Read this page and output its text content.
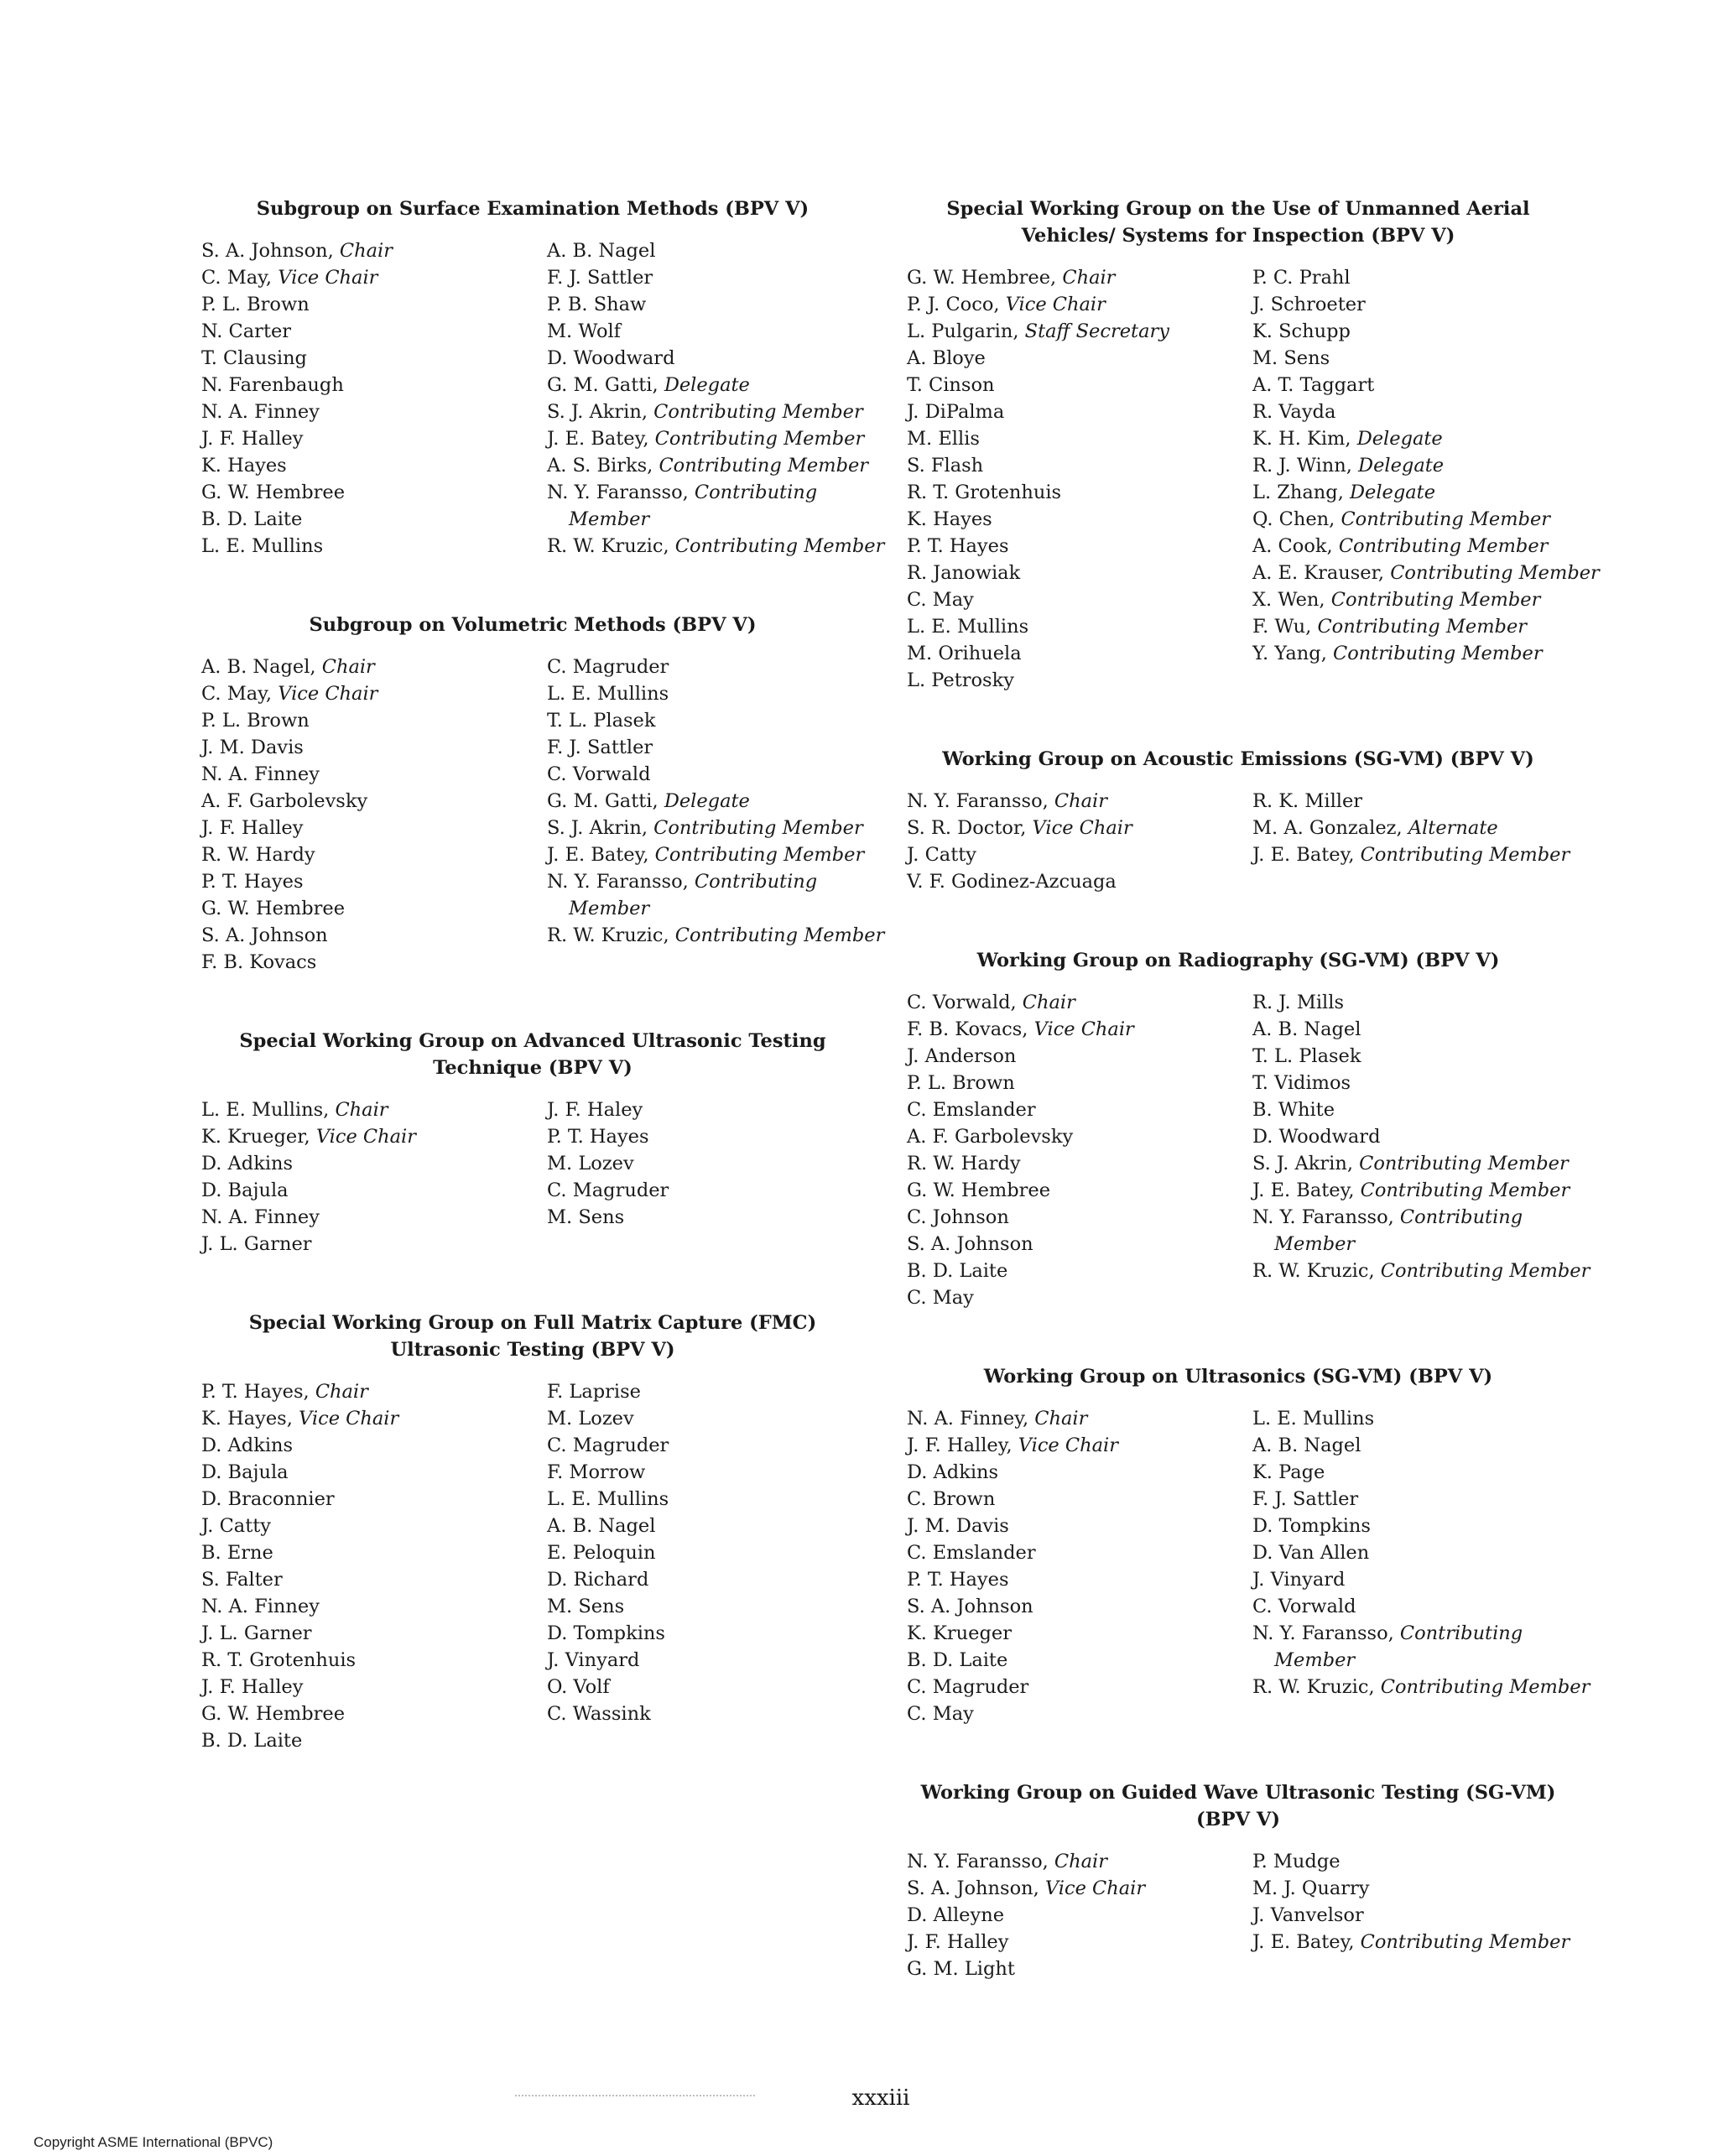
Subgroup on Surface Examination Methods (BPV V)
S. A. Johnson, Chair
C. May, Vice Chair
P. L. Brown
N. Carter
T. Clausing
N. Farenbaugh
N. A. Finney
J. F. Halley
K. Hayes
G. W. Hembree
B. D. Laite
L. E. Mullins
A. B. Nagel
F. J. Sattler
P. B. Shaw
M. Wolf
D. Woodward
G. M. Gatti, Delegate
S. J. Akrin, Contributing Member
J. E. Batey, Contributing Member
A. S. Birks, Contributing Member
N. Y. Faransso, Contributing Member
R. W. Kruzic, Contributing Member
Subgroup on Volumetric Methods (BPV V)
A. B. Nagel, Chair
C. May, Vice Chair
P. L. Brown
J. M. Davis
N. A. Finney
A. F. Garbolevsky
J. F. Halley
R. W. Hardy
P. T. Hayes
G. W. Hembree
S. A. Johnson
F. B. Kovacs
C. Magruder
L. E. Mullins
T. L. Plasek
F. J. Sattler
C. Vorwald
G. M. Gatti, Delegate
S. J. Akrin, Contributing Member
J. E. Batey, Contributing Member
N. Y. Faransso, Contributing Member
R. W. Kruzic, Contributing Member
Special Working Group on Advanced Ultrasonic Testing Technique (BPV V)
L. E. Mullins, Chair
K. Krueger, Vice Chair
D. Adkins
D. Bajula
N. A. Finney
J. L. Garner
J. F. Haley
P. T. Hayes
M. Lozev
C. Magruder
M. Sens
Special Working Group on Full Matrix Capture (FMC) Ultrasonic Testing (BPV V)
P. T. Hayes, Chair
K. Hayes, Vice Chair
D. Adkins
D. Bajula
D. Braconnier
J. Catty
B. Erne
S. Falter
N. A. Finney
J. L. Garner
R. T. Grotenhuis
J. F. Halley
G. W. Hembree
B. D. Laite
F. Laprise
M. Lozev
C. Magruder
F. Morrow
L. E. Mullins
A. B. Nagel
E. Peloquin
D. Richard
M. Sens
D. Tompkins
J. Vinyard
O. Volf
C. Wassink
Special Working Group on the Use of Unmanned Aerial Vehicles/ Systems for Inspection (BPV V)
G. W. Hembree, Chair
P. J. Coco, Vice Chair
L. Pulgarin, Staff Secretary
A. Bloye
T. Cinson
J. DiPalma
M. Ellis
S. Flash
R. T. Grotenhuis
K. Hayes
P. T. Hayes
R. Janowiak
C. May
L. E. Mullins
M. Orihuela
L. Petrosky
P. C. Prahl
J. Schroeter
K. Schupp
M. Sens
A. T. Taggart
R. Vayda
K. H. Kim, Delegate
R. J. Winn, Delegate
L. Zhang, Delegate
Q. Chen, Contributing Member
A. Cook, Contributing Member
A. E. Krauser, Contributing Member
X. Wen, Contributing Member
F. Wu, Contributing Member
Y. Yang, Contributing Member
Working Group on Acoustic Emissions (SG-VM) (BPV V)
N. Y. Faransso, Chair
S. R. Doctor, Vice Chair
J. Catty
V. F. Godinez-Azcuaga
R. K. Miller
M. A. Gonzalez, Alternate
J. E. Batey, Contributing Member
Working Group on Radiography (SG-VM) (BPV V)
C. Vorwald, Chair
F. B. Kovacs, Vice Chair
J. Anderson
P. L. Brown
C. Emslander
A. F. Garbolevsky
R. W. Hardy
G. W. Hembree
C. Johnson
S. A. Johnson
B. D. Laite
C. May
R. J. Mills
A. B. Nagel
T. L. Plasek
T. Vidimos
B. White
D. Woodward
S. J. Akrin, Contributing Member
J. E. Batey, Contributing Member
N. Y. Faransso, Contributing Member
R. W. Kruzic, Contributing Member
Working Group on Ultrasonics (SG-VM) (BPV V)
N. A. Finney, Chair
J. F. Halley, Vice Chair
D. Adkins
C. Brown
J. M. Davis
C. Emslander
P. T. Hayes
S. A. Johnson
K. Krueger
B. D. Laite
C. Magruder
C. May
L. E. Mullins
A. B. Nagel
K. Page
F. J. Sattler
D. Tompkins
D. Van Allen
J. Vinyard
C. Vorwald
N. Y. Faransso, Contributing Member
R. W. Kruzic, Contributing Member
Working Group on Guided Wave Ultrasonic Testing (SG-VM) (BPV V)
N. Y. Faransso, Chair
S. A. Johnson, Vice Chair
D. Alleyne
J. F. Halley
G. M. Light
P. Mudge
M. J. Quarry
J. Vanvelsor
J. E. Batey, Contributing Member
xxxiii
Copyright ASME International (BPVC)
